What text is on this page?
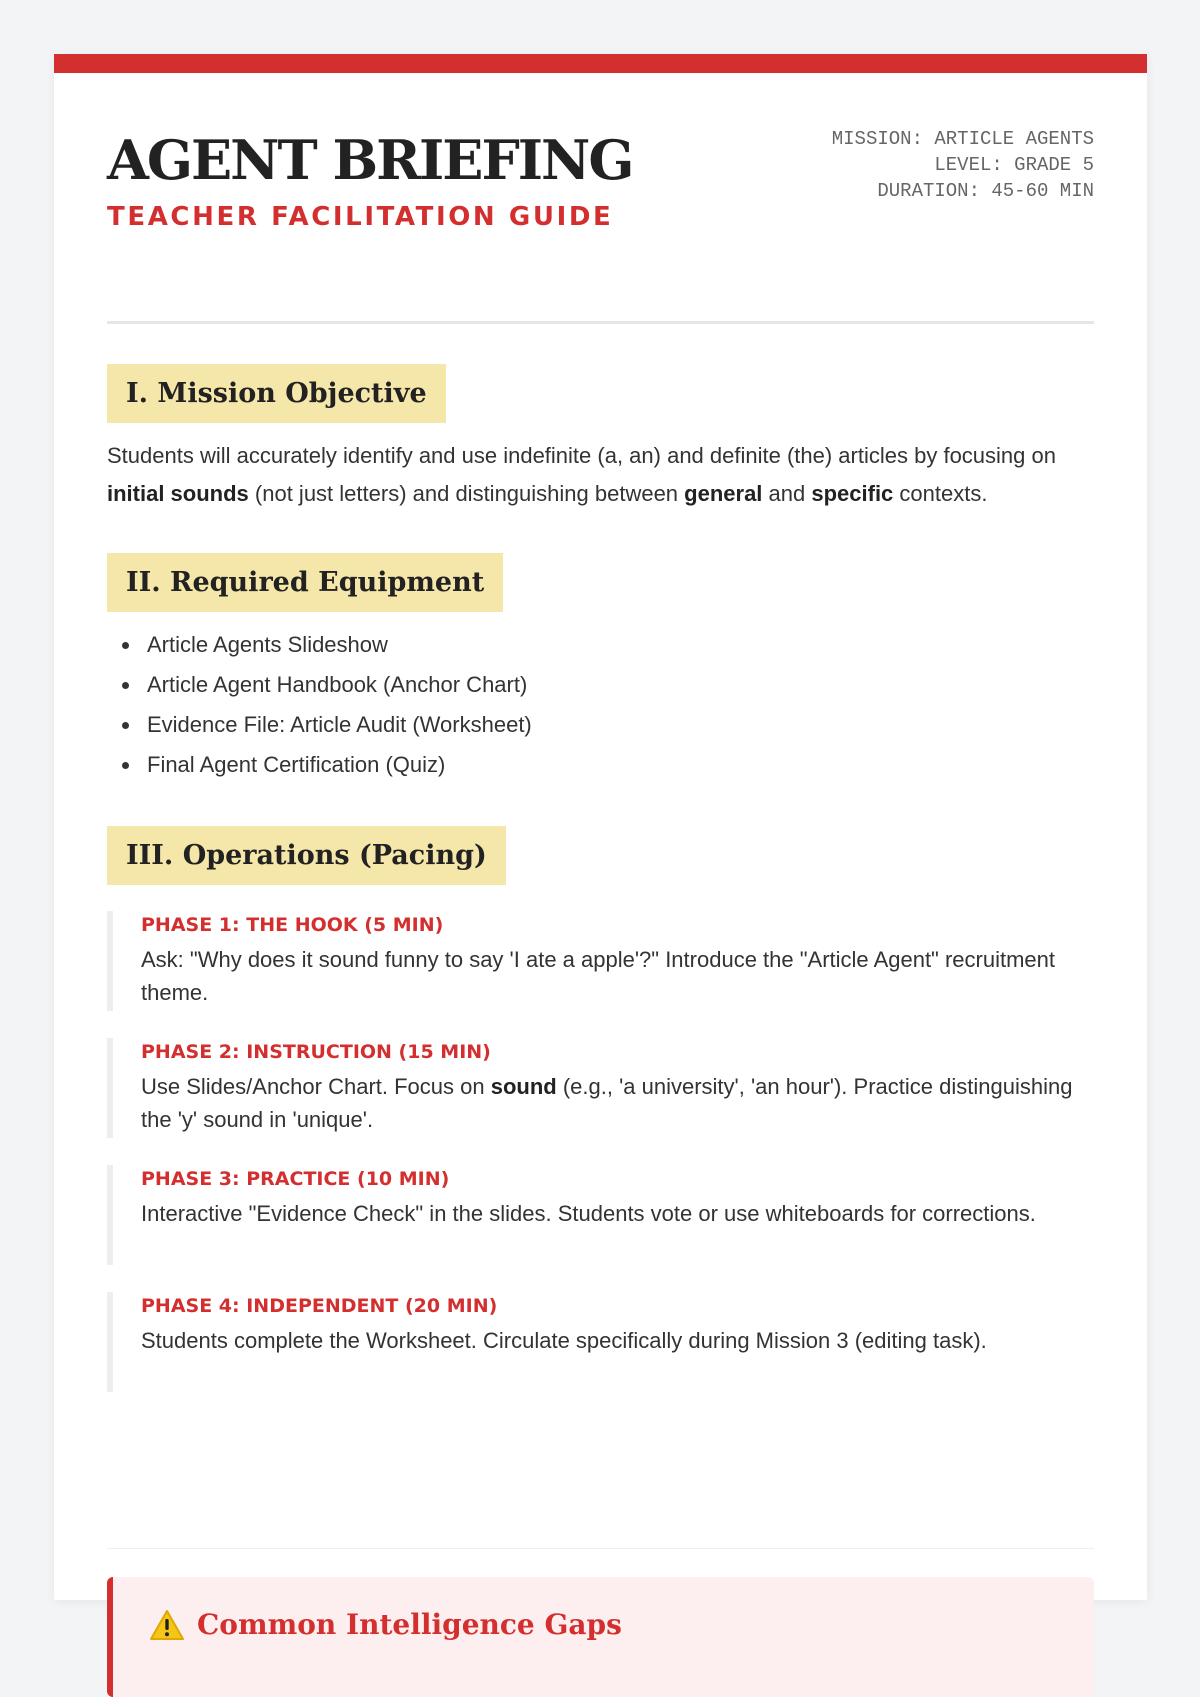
AGENT BRIEFING
TEACHER FACILITATION GUIDE
MISSION: ARTICLE AGENTS
LEVEL: GRADE 5
DURATION: 45-60 MIN
I. Mission Objective

Students will accurately identify and use indefinite (a, an) and definite (the) articles by focusing on initial sounds (not just letters) and distinguishing between general and specific contexts.

II. Required Equipment
Article Agents Slideshow
Article Agent Handbook (Anchor Chart)
Evidence File: Article Audit (Worksheet)
Final Agent Certification (Quiz)
III. Operations (Pacing)
PHASE 1: THE HOOK (5 MIN)
Ask: "Why does it sound funny to say 'I ate a apple'?" Introduce the "Article Agent" recruitment theme.
PHASE 2: INSTRUCTION (15 MIN)
Use Slides/Anchor Chart. Focus on sound (e.g., 'a university', 'an hour'). Practice distinguishing the 'y' sound in 'unique'.
PHASE 3: PRACTICE (10 MIN)
Interactive "Evidence Check" in the slides. Students vote or use whiteboards for corrections.
PHASE 4: INDEPENDENT (20 MIN)
Students complete the Worksheet. Circulate specifically during Mission 3 (editing task).
Common Intelligence Gaps
